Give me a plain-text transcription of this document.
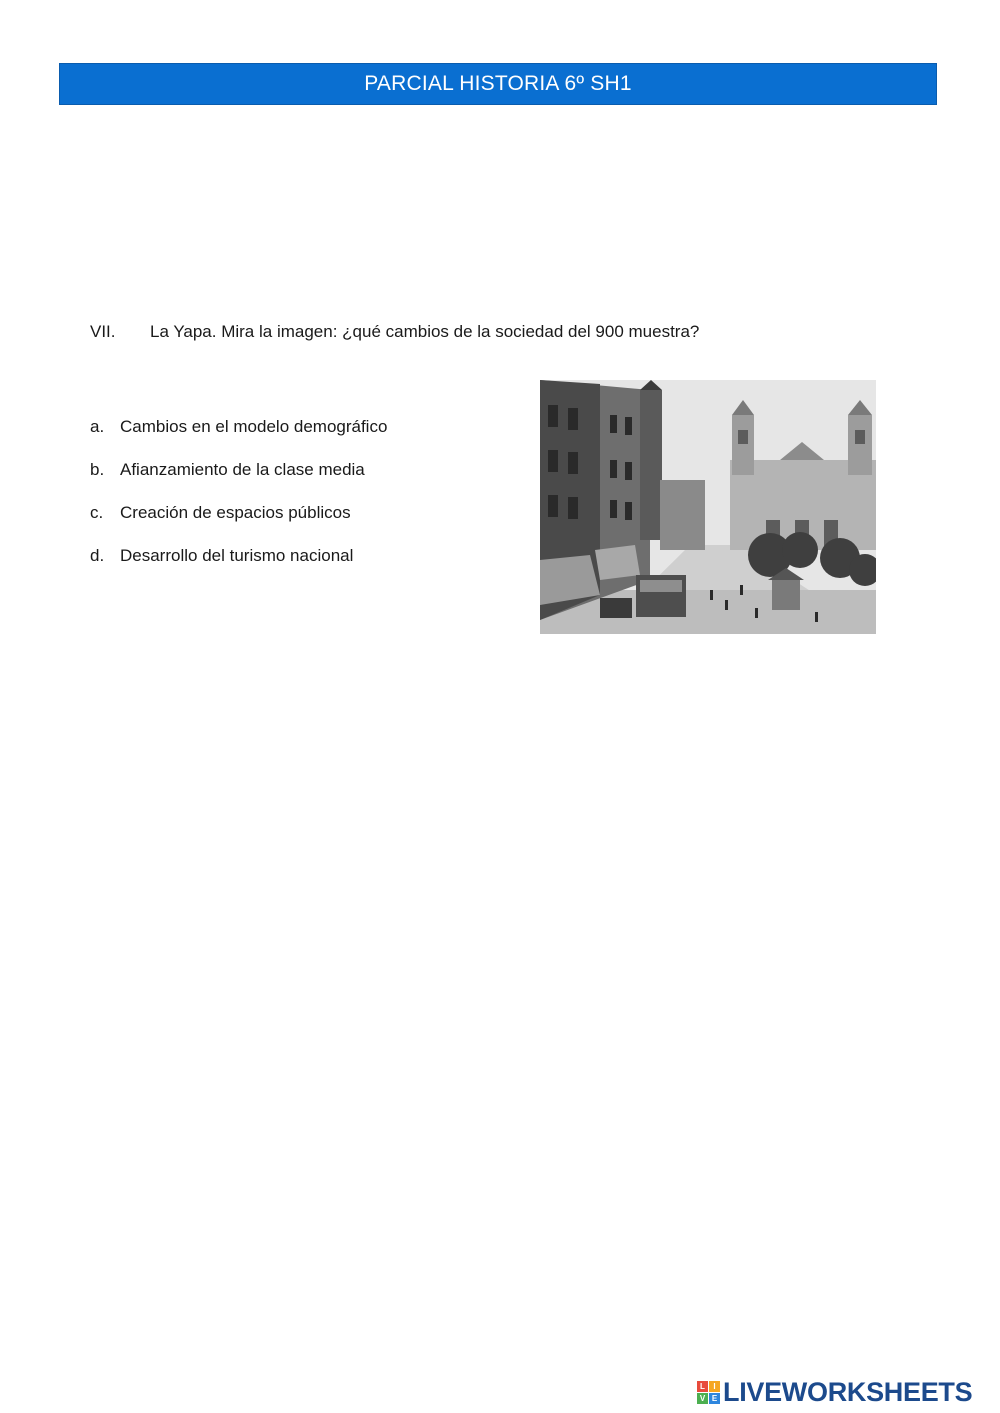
PARCIAL HISTORIA 6º SH1
VII.	La Yapa. Mira la imagen: ¿qué cambios de la sociedad del 900 muestra?
a. Cambios en el modelo demográfico
b. Afianzamiento de la clase media
c. Creación de espacios públicos
d. Desarrollo del turismo nacional
L	I
V E LIVEWORKSHEETS
